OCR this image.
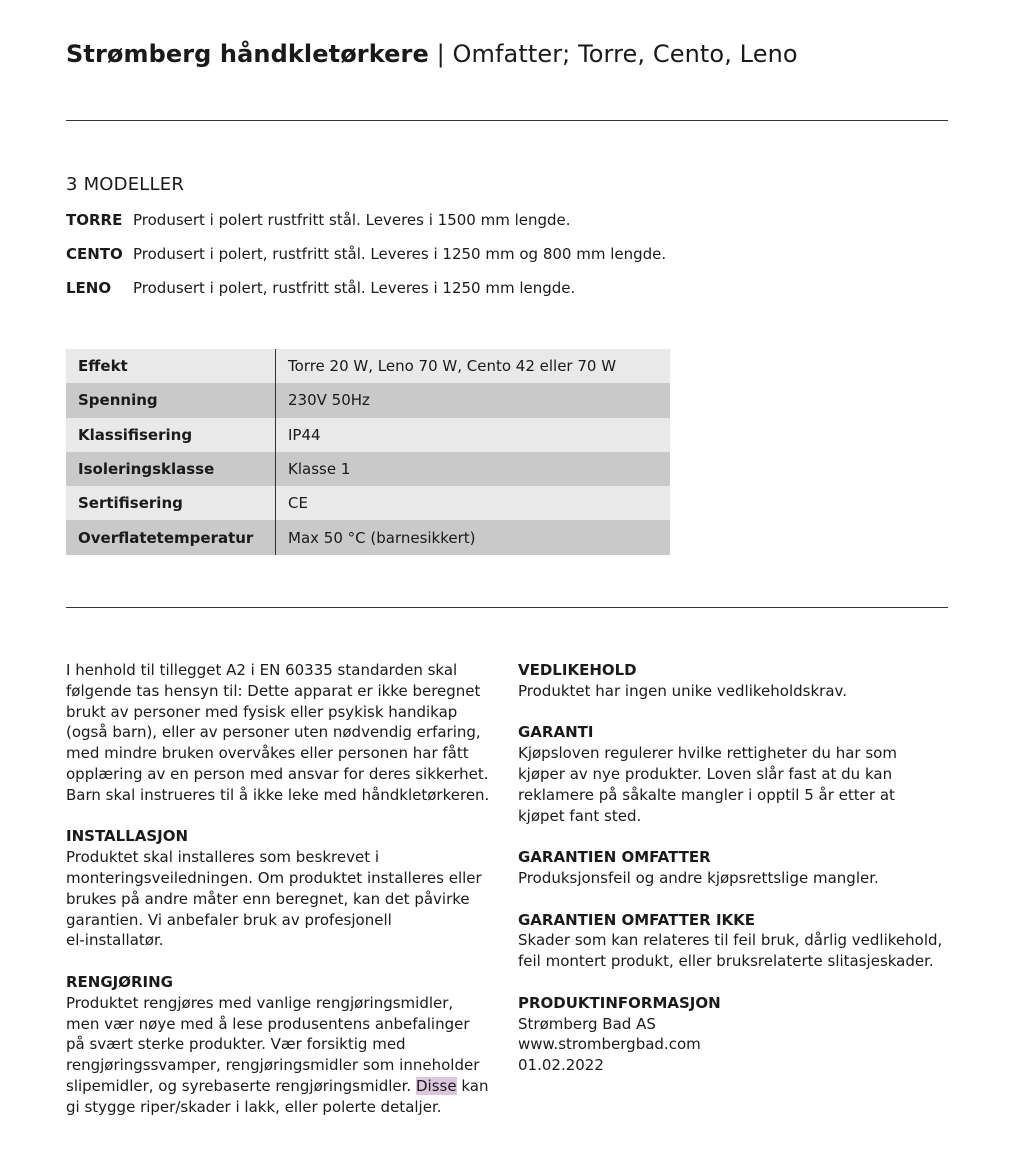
Strømberg håndkletørkere | Omfatter; Torre, Cento, Leno
3 MODELLER
TORRE Produsert i polert rustfritt stål. Leveres i 1500 mm lengde.
CENTO Produsert i polert, rustfritt stål. Leveres i 1250 mm og 800 mm lengde.
LENO Produsert i polert, rustfritt stål. Leveres i 1250 mm lengde.
Effekt	Torre 20 W, Leno 70 W, Cento 42 eller 70 W
Spenning	230V 50Hz
Klassifisering	IP44
Isoleringsklasse	Klasse 1
Sertifisering	CE
Overflatetemperatur	Max 50 °C (barnesikkert)

I henhold til tillegget A2 i EN 60335 standarden skal

følgende tas hensyn til: Dette apparat er ikke beregnet

brukt av personer med fysisk eller psykisk handikap

(også barn), eller av personer uten nødvendig erfaring,

med mindre bruken overvåkes eller personen har fått

opplæring av en person med ansvar for deres sikkerhet.

Barn skal instrueres til å ikke leke med håndkletørkeren.

INSTALLASJON

Produktet skal installeres som beskrevet i

monteringsveiledningen. Om produktet installeres eller

brukes på andre måter enn beregnet, kan det påvirke

garantien. Vi anbefaler bruk av profesjonell

el-installatør.

RENGJØRING

Produktet rengjøres med vanlige rengjøringsmidler,

men vær nøye med å lese produsentens anbefalinger

på svært sterke produkter. Vær forsiktig med

rengjøringssvamper, rengjøringsmidler som inneholder

slipemidler, og syrebaserte rengjøringsmidler. Disse kan

gi stygge riper/skader i lakk, eller polerte detaljer.

VEDLIKEHOLD

Produktet har ingen unike vedlikeholdskrav.

GARANTI

Kjøpsloven regulerer hvilke rettigheter du har som

kjøper av nye produkter. Loven slår fast at du kan

reklamere på såkalte mangler i opptil 5 år etter at

kjøpet fant sted.

GARANTIEN OMFATTER

Produksjonsfeil og andre kjøpsrettslige mangler.

GARANTIEN OMFATTER IKKE

Skader som kan relateres til feil bruk, dårlig vedlikehold,

feil montert produkt, eller bruksrelaterte slitasjeskader.

PRODUKTINFORMASJON

Strømberg Bad AS

www.strombergbad.com

01.02.2022
